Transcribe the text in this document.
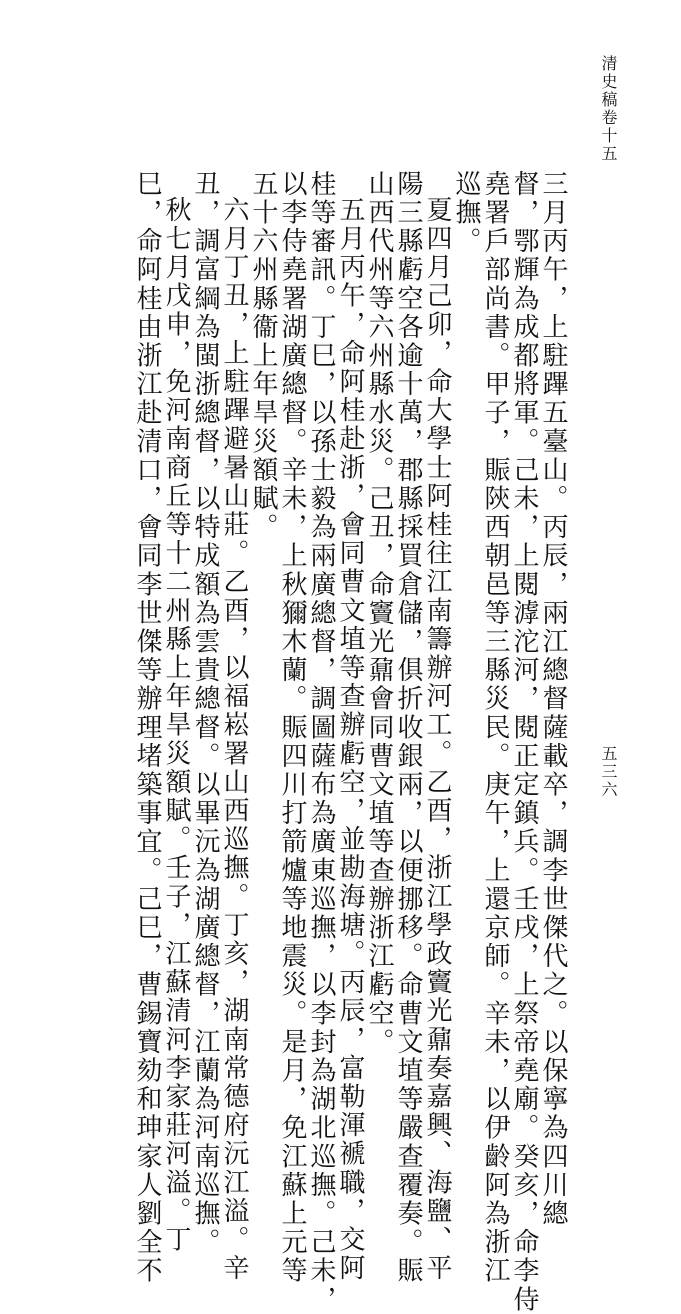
清史稿卷十五
五三六
三月丙午，上駐蹕五臺山。丙辰，兩江總督薩載卒，調李世傑代之。以保寧為四川總
督，鄂輝為成都將軍。己未，上閱滹沱河，閱正定鎮兵。壬戌，上祭帝堯廟。癸亥，命李侍
堯署戶部尚書。甲子，賑陝西朝邑等三縣災民。庚午，上還京師。辛未，以伊齡阿為浙江
巡撫。
夏四月己卯，命大學士阿桂往江南籌辦河工。乙酉，浙江學政竇光鼐奏嘉興、海鹽、平
陽三縣虧空各逾十萬，郡縣採買倉儲，俱折收銀兩，以便挪移。命曹文埴等嚴查覆奏。賑
山西代州等六州縣水災。己丑，命竇光鼐會同曹文埴等查辦浙江虧空。
五月丙午，命阿桂赴浙，會同曹文埴等查辦虧空，並勘海塘。丙辰，富勒渾褫職，交阿
桂等審訊。丁巳，以孫士毅為兩廣總督，調圖薩布為廣東巡撫，以李封為湖北巡撫。己未，
以李侍堯署湖廣總督。辛未，上秋獮木蘭。賑四川打箭爐等地震災。是月，免江蘇上元等
五十六州縣衞上年旱災額賦。
六月丁丑，上駐蹕避暑山莊。乙酉，以福崧署山西巡撫。丁亥，湖南常德府沅江溢。辛
丑，調富綱為閩浙總督，以特成額為雲貴總督。以畢沅為湖廣總督，江蘭為河南巡撫。
秋七月戊申，免河南商丘等十二州縣上年旱災額賦。壬子，江蘇清河李家莊河溢。丁
巳，命阿桂由浙江赴清口，會同李世傑等辦理堵築事宜。己巳，曹錫寶劾和珅家人劉全不
